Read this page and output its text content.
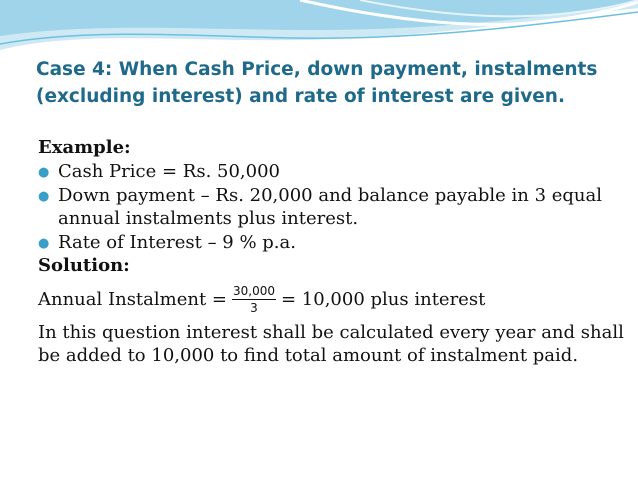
Case 4: When Cash Price, down payment, instalments (excluding interest) and rate of interest are given.

Example:

● Cash Price = Rs. 50,000
● Down payment – Rs. 20,000 and balance payable in 3 equal annual instalments plus interest.
● Rate of Interest – 9 % p.a.

Solution:

Annual Instalment = $\frac{30,000}{3} = 10,000$ plus interest

In this question interest shall be calculated every year and shall be added to 10,000 to find total amount of instalment paid.
